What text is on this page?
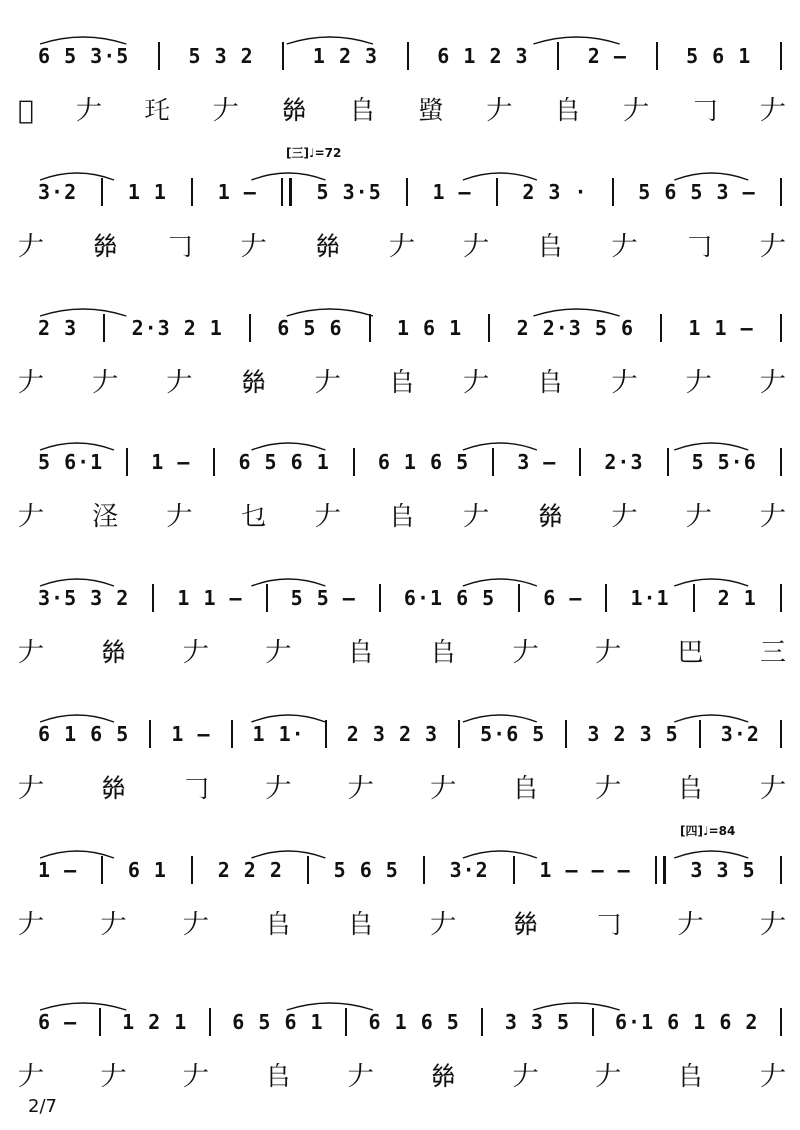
6 5 3·5	5 3 2	1 2 3	6 1 2 3	2 —	5 6 1
𪝋 𠂇 𤣯 𠂇 𢇇 𠂤 𧒍 𠂇 𠂤 𠂇 𠃌 𠂇
[三]♩=72
3·2	1 1	1 —	5 3·5	1 —	2 3 ·	5 6 5 3 —
𠂇 𢇇 𠃌 𠂇 𢇇 𠂇 𠂇 𠂤 𠂇 𠃌 𠂇
2 3	2·3 2 1	6 5 6	1 6 1	2 2·3 5 6	1 1 —
𠂇 𠂇 𠂇 𢇇 𠂇 𠂤 𠂇 𠂤 𠂇 𠂇 𠂇
5 6·1	1 —	6 5 6 1	6 1 6 5	3 —	2·3	5 5·6
𠂇 𣲾 𠂇 乜 𠂇 𠂤 𠂇 𢇇 𠂇 𠂇 𠂇
3·5 3 2	1 1 —	5 5 —	6·1 6 5	6 —	1·1	2 1
𠂇 𢇇 𠂇 𠂇 𠂤 𠂤 𠂇 𠂇 巴 三
6 1 6 5	1 —	1 1·	2 3 2 3	5·6 5	3 2 3 5	3·2
𠂇 𢇇 𠃌 𠂇 𠂇 𠂇 𠂤 𠂇 𠂤 𠂇
[四]♩=84
1 —	6 1	2 2 2	5 6 5	3·2	1 — — —	3 3 5
𠂇 𠂇 𠂇 𠂤 𠂤 𠂇 𢇇 𠃌 𠂇 𠂇
6 —	1 2 1	6 5 6 1	6 1 6 5	3 3 5	6·1 6 1 6 2
𠂇 𠂇 𠂇 𠂤 𠂇 𢇇 𠂇 𠂇 𠂤 𠂇
2/7
